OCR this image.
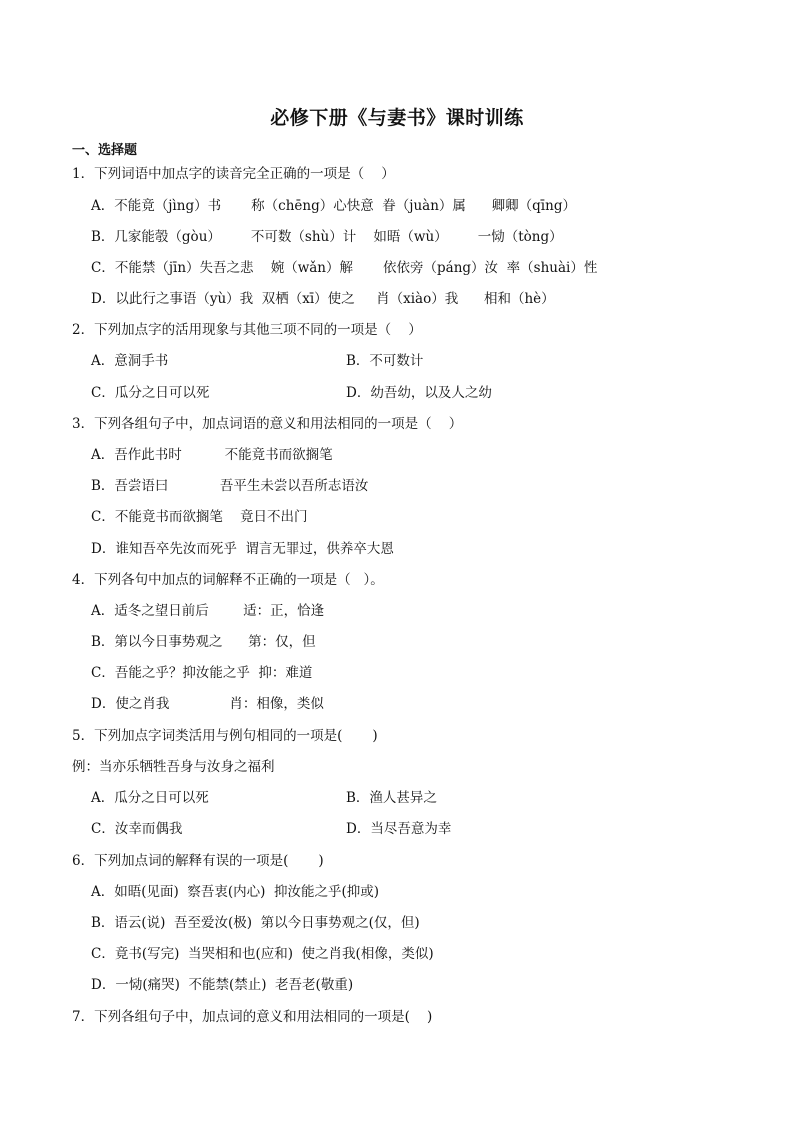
必修下册《与妻书》课时训练
一、选择题
1．下列词语中加点字的读音完全正确的一项是（    ）
A．不能竟（jìng）书       称（chēng）心快意  眷（juàn）属      卿卿（qīng）
B．几家能彀（gòu）       不可数（shù）计    如晤（wù）       一恸（tòng）
C．不能禁（jīn）失吾之悲    婉（wǎn）解       依依旁（páng）汝  率（shuài）性
D．以此行之事语（yù）我  双栖（xī）使之     肖（xiào）我      相和（hè）
2．下列加点字的活用现象与其他三项不同的一项是（    ）
A．意洞手书	B．不可数计
C．瓜分之日可以死	D．幼吾幼，以及人之幼
3．下列各组句子中，加点词语的意义和用法相同的一项是（    ）
A．吾作此书时          不能竟书而欲搁笔
B．吾尝语曰            吾平生未尝以吾所志语汝
C．不能竟书而欲搁笔    竟日不出门
D．谁知吾卒先汝而死乎  谓言无罪过，供养卒大恩
4．下列各句中加点的词解释不正确的一项是（   ）。
A．适冬之望日前后        适：正，恰逢
B．第以今日事势观之      第：仅，但
C．吾能之乎？抑汝能之乎  抑：难道
D．使之肖我              肖：相像，类似
5．下列加点字词类活用与例句相同的一项是(       )
例：当亦乐牺牲吾身与汝身之福利
A．瓜分之日可以死	B．渔人甚异之
C．汝幸而偶我	D．当尽吾意为幸
6．下列加点词的解释有误的一项是(       )
A．如晤(见面)  察吾衷(内心)  抑汝能之乎(抑或)
B．语云(说)  吾至爱汝(极)  第以今日事势观之(仅，但)
C．竟书(写完)  当哭相和也(应和)  使之肖我(相像，类似)
D．一恸(痛哭)  不能禁(禁止)  老吾老(敬重)
7．下列各组句子中，加点词的意义和用法相同的一项是(    )
